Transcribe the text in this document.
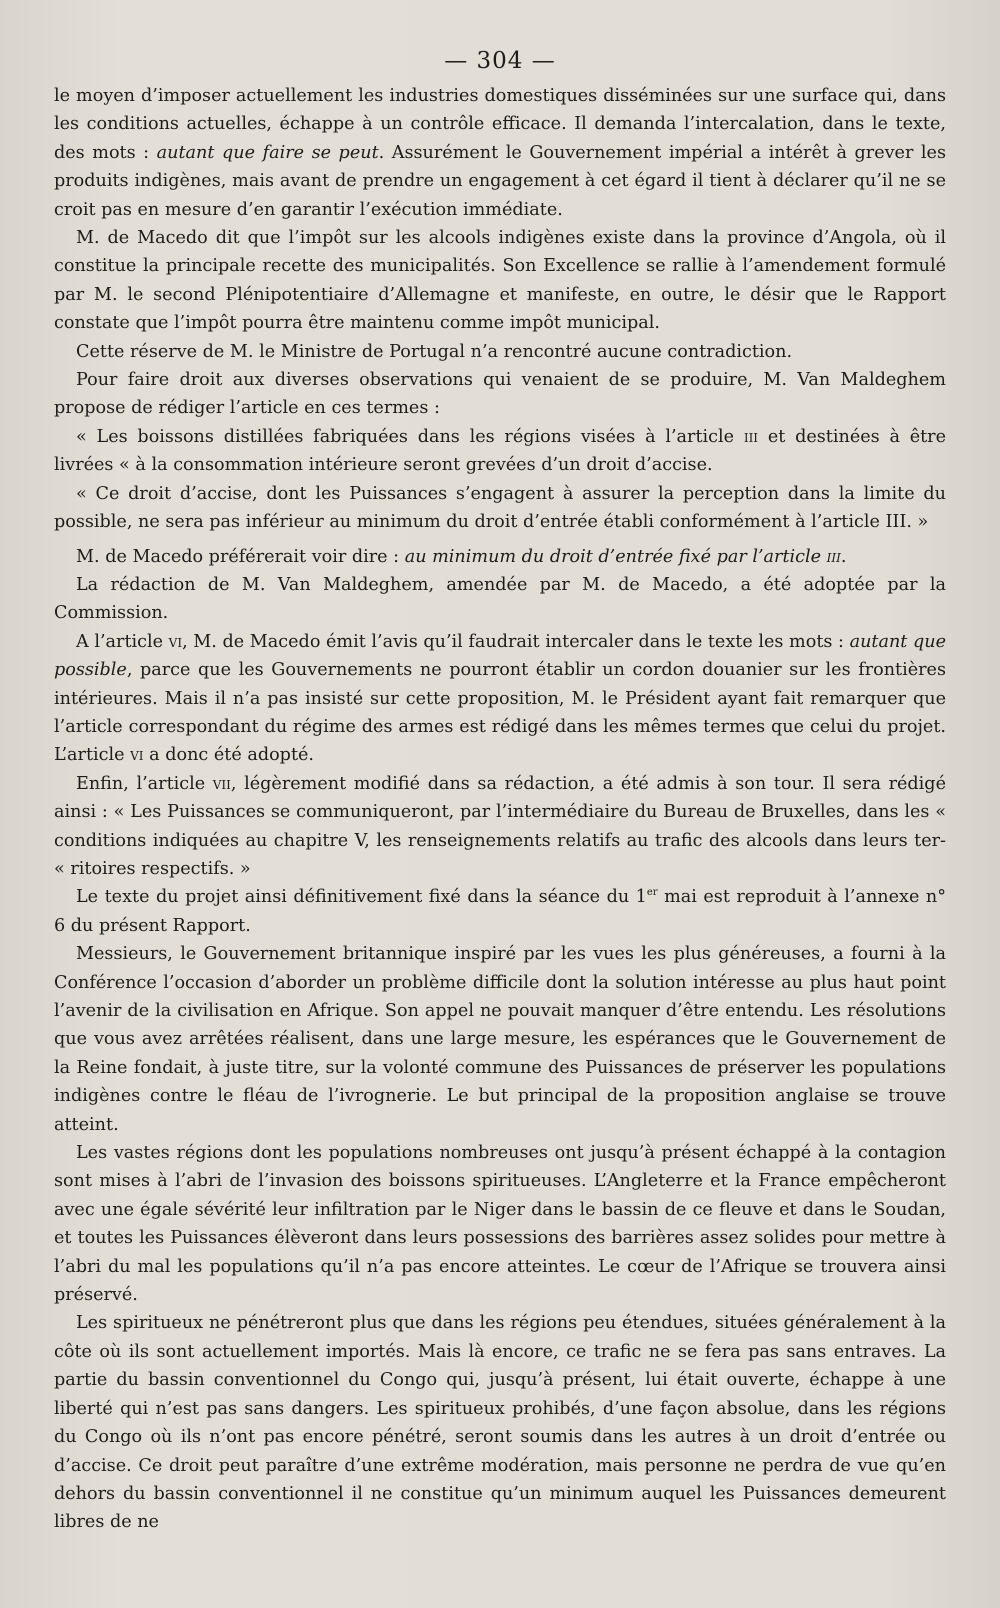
— 304 —

le moyen d’imposer actuellement les industries domestiques disséminées sur une surface qui, dans les conditions actuelles, échappe à un contrôle efficace. Il demanda l’intercalation, dans le texte, des mots : autant que faire se peut. Assurément le Gouvernement impérial a intérêt à grever les produits indigènes, mais avant de prendre un engagement à cet égard il tient à déclarer qu’il ne se croit pas en mesure d’en garantir l’exécution immédiate.

M. de Macedo dit que l’impôt sur les alcools indigènes existe dans la province d’Angola, où il constitue la principale recette des municipalités. Son Excellence se rallie à l’amendement formulé par M. le second Plénipotentiaire d’Allemagne et manifeste, en outre, le désir que le Rapport constate que l’impôt pourra être maintenu comme impôt municipal.

Cette réserve de M. le Ministre de Portugal n’a rencontré aucune contradiction.

Pour faire droit aux diverses observations qui venaient de se produire, M. Van Maldeghem propose de rédiger l’article en ces termes :

« Les boissons distillées fabriquées dans les régions visées à l’article iii et destinées à être livrées « à la consommation intérieure seront grevées d’un droit d’accise.

« Ce droit d’accise, dont les Puissances s’engagent à assurer la perception dans la limite du possible, ne sera pas inférieur au minimum du droit d’entrée établi conformément à l’article III. »

M. de Macedo préférerait voir dire : au minimum du droit d’entrée fixé par l’article iii.

La rédaction de M. Van Maldeghem, amendée par M. de Macedo, a été adoptée par la Commission.

A l’article vi, M. de Macedo émit l’avis qu’il faudrait intercaler dans le texte les mots : autant que possible, parce que les Gouvernements ne pourront établir un cordon douanier sur les frontières intérieures. Mais il n’a pas insisté sur cette proposition, M. le Président ayant fait remarquer que l’article correspondant du régime des armes est rédigé dans les mêmes termes que celui du projet. L’article vi a donc été adopté.

Enfin, l’article vii, légèrement modifié dans sa rédaction, a été admis à son tour. Il sera rédigé ainsi : « Les Puissances se communiqueront, par l’intermédiaire du Bureau de Bruxelles, dans les « conditions indiquées au chapitre V, les renseignements relatifs au trafic des alcools dans leurs ter- « ritoires respectifs. »

Le texte du projet ainsi définitivement fixé dans la séance du 1er mai est reproduit à l’annexe n° 6 du présent Rapport.

Messieurs, le Gouvernement britannique inspiré par les vues les plus généreuses, a fourni à la Conférence l’occasion d’aborder un problème difficile dont la solution intéresse au plus haut point l’avenir de la civilisation en Afrique. Son appel ne pouvait manquer d’être entendu. Les résolutions que vous avez arrêtées réalisent, dans une large mesure, les espérances que le Gouvernement de la Reine fondait, à juste titre, sur la volonté commune des Puissances de préserver les populations indigènes contre le fléau de l’ivrognerie. Le but principal de la proposition anglaise se trouve atteint.

Les vastes régions dont les populations nombreuses ont jusqu’à présent échappé à la contagion sont mises à l’abri de l’invasion des boissons spiritueuses. L’Angleterre et la France empêcheront avec une égale sévérité leur infiltration par le Niger dans le bassin de ce fleuve et dans le Soudan, et toutes les Puissances élèveront dans leurs possessions des barrières assez solides pour mettre à l’abri du mal les populations qu’il n’a pas encore atteintes. Le cœur de l’Afrique se trouvera ainsi préservé.

Les spiritueux ne pénétreront plus que dans les régions peu étendues, situées généralement à la côte où ils sont actuellement importés. Mais là encore, ce trafic ne se fera pas sans entraves. La partie du bassin conventionnel du Congo qui, jusqu’à présent, lui était ouverte, échappe à une liberté qui n’est pas sans dangers. Les spiritueux prohibés, d’une façon absolue, dans les régions du Congo où ils n’ont pas encore pénétré, seront soumis dans les autres à un droit d’entrée ou d’accise. Ce droit peut paraître d’une extrême modération, mais personne ne perdra de vue qu’en dehors du bassin conventionnel il ne constitue qu’un minimum auquel les Puissances demeurent libres de ne
